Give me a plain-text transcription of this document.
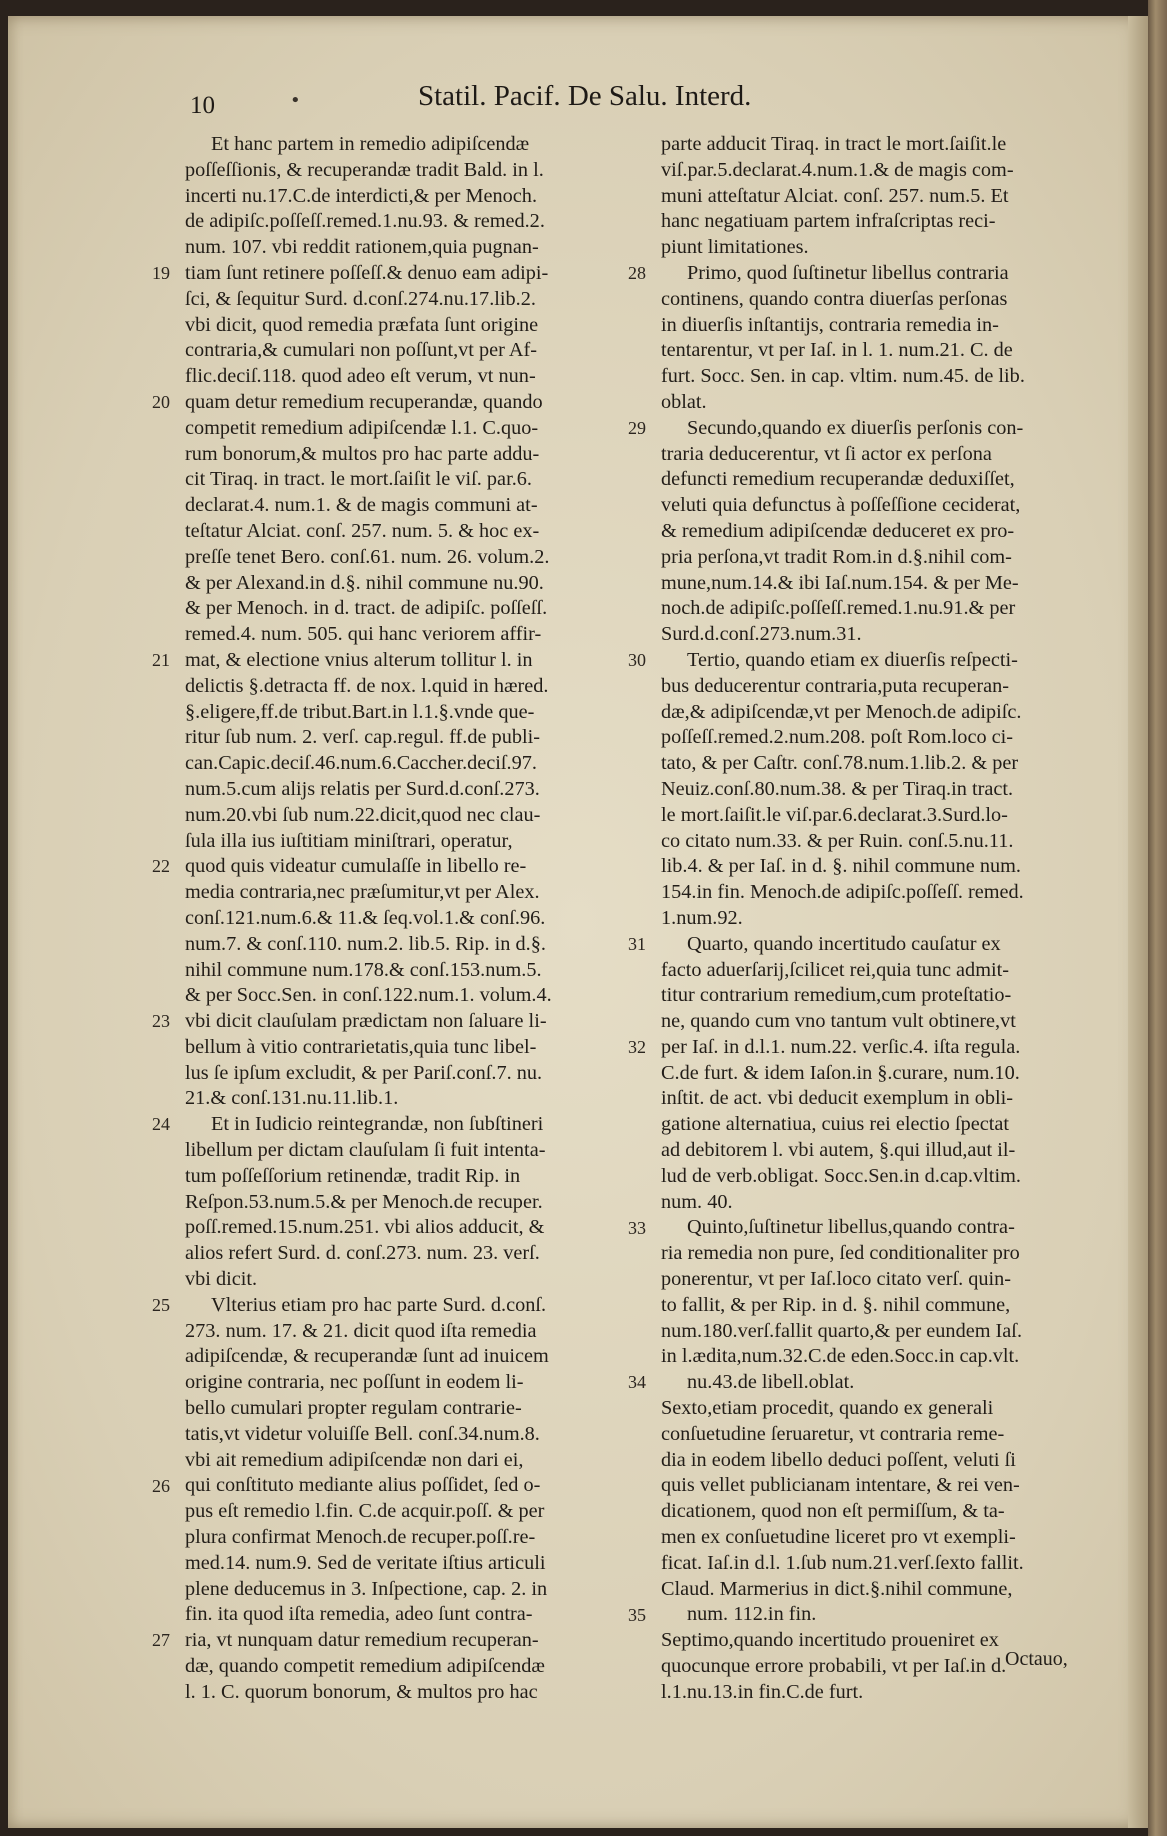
10	•	Statil. Pacif. De Salu. Interd.
Et hanc partem in remedio adipiſcendæ
poſſeſſionis, & recuperandæ tradit Bald. in l.
incerti nu.17.C.de interdicti,& per Menoch.
de adipiſc.poſſeſſ.remed.1.nu.93. & remed.2.
num. 107. vbi reddit rationem,quia pugnan-
tiam ſunt retinere poſſeſſ.& denuo eam adipi-
ſci, & ſequitur Surd. d.conſ.274.nu.17.lib.2.
vbi dicit, quod remedia præfata ſunt origine
contraria,& cumulari non poſſunt,vt per Af-
flic.deciſ.118. quod adeo eſt verum, vt nun-
quam detur remedium recuperandæ, quando
competit remedium adipiſcendæ l.1. C.quo-
rum bonorum,& multos pro hac parte addu-
cit Tiraq. in tract. le mort.ſaiſit le viſ. par.6.
declarat.4. num.1. & de magis communi at-
teſtatur Alciat. conſ. 257. num. 5. & hoc ex-
preſſe tenet Bero. conſ.61. num. 26. volum.2.
& per Alexand.in d.§. nihil commune nu.90.
& per Menoch. in d. tract. de adipiſc. poſſeſſ.
remed.4. num. 505. qui hanc veriorem affir-
mat, & electione vnius alterum tollitur l. in
delictis §.detracta ff. de nox. l.quid in hæred.
§.eligere,ff.de tribut.Bart.in l.1.§.vnde que-
ritur ſub num. 2. verſ. cap.regul. ff.de publi-
can.Capic.deciſ.46.num.6.Caccher.deciſ.97.
num.5.cum alijs relatis per Surd.d.conſ.273.
num.20.vbi ſub num.22.dicit,quod nec clau-
ſula illa ius iuſtitiam miniſtrari, operatur,
quod quis videatur cumulaſſe in libello re-
media contraria,nec præſumitur,vt per Alex.
conſ.121.num.6.& 11.& ſeq.vol.1.& conſ.96.
num.7. & conſ.110. num.2. lib.5. Rip. in d.§.
nihil commune num.178.& conſ.153.num.5.
& per Socc.Sen. in conſ.122.num.1. volum.4.
vbi dicit clauſulam prædictam non ſaluare li-
bellum à vitio contrarietatis,quia tunc libel-
lus ſe ipſum excludit, & per Pariſ.conſ.7. nu.
21.& conſ.131.nu.11.lib.1.
Et in Iudicio reintegrandæ, non ſubſtineri
libellum per dictam clauſulam ſi fuit intenta-
tum poſſeſſorium retinendæ, tradit Rip. in
Reſpon.53.num.5.& per Menoch.de recuper.
poſſ.remed.15.num.251. vbi alios adducit, &
alios refert Surd. d. conſ.273. num. 23. verſ.
vbi dicit.
Vlterius etiam pro hac parte Surd. d.conſ.
273. num. 17. & 21. dicit quod iſta remedia
adipiſcendæ, & recuperandæ ſunt ad inuicem
origine contraria, nec poſſunt in eodem li-
bello cumulari propter regulam contrarie-
tatis,vt videtur voluiſſe Bell. conſ.34.num.8.
vbi ait remedium adipiſcendæ non dari ei,
qui conſtituto mediante alius poſſidet, ſed o-
pus eſt remedio l.fin. C.de acquir.poſſ. & per
plura confirmat Menoch.de recuper.poſſ.re-
med.14. num.9. Sed de veritate iſtius articuli
plene deducemus in 3. Inſpectione, cap. 2. in
fin. ita quod iſta remedia, adeo ſunt contra-
ria, vt nunquam datur remedium recuperan-
dæ, quando competit remedium adipiſcendæ
l. 1. C. quorum bonorum, & multos pro hac
parte adducit Tiraq. in tract le mort.ſaiſit.le
viſ.par.5.declarat.4.num.1.& de magis com-
muni atteſtatur Alciat. conſ. 257. num.5. Et
hanc negatiuam partem infraſcriptas reci-
piunt limitationes.
Primo, quod ſuſtinetur libellus contraria
continens, quando contra diuerſas perſonas
in diuerſis inſtantijs, contraria remedia in-
tentarentur, vt per Iaſ. in l. 1. num.21. C. de
furt. Socc. Sen. in cap. vltim. num.45. de lib.
oblat.
Secundo,quando ex diuerſis perſonis con-
traria deducerentur, vt ſi actor ex perſona
defuncti remedium recuperandæ deduxiſſet,
veluti quia defunctus à poſſeſſione ceciderat,
& remedium adipiſcendæ deduceret ex pro-
pria perſona,vt tradit Rom.in d.§.nihil com-
mune,num.14.& ibi Iaſ.num.154. & per Me-
noch.de adipiſc.poſſeſſ.remed.1.nu.91.& per
Surd.d.conſ.273.num.31.
Tertio, quando etiam ex diuerſis reſpecti-
bus deducerentur contraria,puta recuperan-
dæ,& adipiſcendæ,vt per Menoch.de adipiſc.
poſſeſſ.remed.2.num.208. poſt Rom.loco ci-
tato, & per Caſtr. conſ.78.num.1.lib.2. & per
Neuiz.conſ.80.num.38. & per Tiraq.in tract.
le mort.ſaiſit.le viſ.par.6.declarat.3.Surd.lo-
co citato num.33. & per Ruin. conſ.5.nu.11.
lib.4. & per Iaſ. in d. §. nihil commune num.
154.in fin. Menoch.de adipiſc.poſſeſſ. remed.
1.num.92.
Quarto, quando incertitudo cauſatur ex
facto aduerſarij,ſcilicet rei,quia tunc admit-
titur contrarium remedium,cum proteſtatio-
ne, quando cum vno tantum vult obtinere,vt
per Iaſ. in d.l.1. num.22. verſic.4. iſta regula.
C.de furt. & idem Iaſon.in §.curare, num.10.
inſtit. de act. vbi deducit exemplum in obli-
gatione alternatiua, cuius rei electio ſpectat
ad debitorem l. vbi autem, §.qui illud,aut il-
lud de verb.obligat. Socc.Sen.in d.cap.vltim.
num. 40.
Quinto,ſuſtinetur libellus,quando contra-
ria remedia non pure, ſed conditionaliter pro
ponerentur, vt per Iaſ.loco citato verſ. quin-
to fallit, & per Rip. in d. §. nihil commune,
num.180.verſ.fallit quarto,& per eundem Iaſ.
in l.ædita,num.32.C.de eden.Socc.in cap.vlt.
nu.43.de libell.oblat.
Sexto,etiam procedit, quando ex generali
conſuetudine ſeruaretur, vt contraria reme-
dia in eodem libello deduci poſſent, veluti ſi
quis vellet publicianam intentare, & rei ven-
dicationem, quod non eſt permiſſum, & ta-
men ex conſuetudine liceret pro vt exempli-
ficat. Iaſ.in d.l. 1.ſub num.21.verſ.ſexto fallit.
Claud. Marmerius in dict.§.nihil commune,
num. 112.in fin.
Septimo,quando incertitudo proueniret ex
quocunque errore probabili, vt per Iaſ.in d.
l.1.nu.13.in fin.C.de furt.
19
20
21
22
23
24
25
26
27
28
29
30
31
32
33
34
35
Octauo,
